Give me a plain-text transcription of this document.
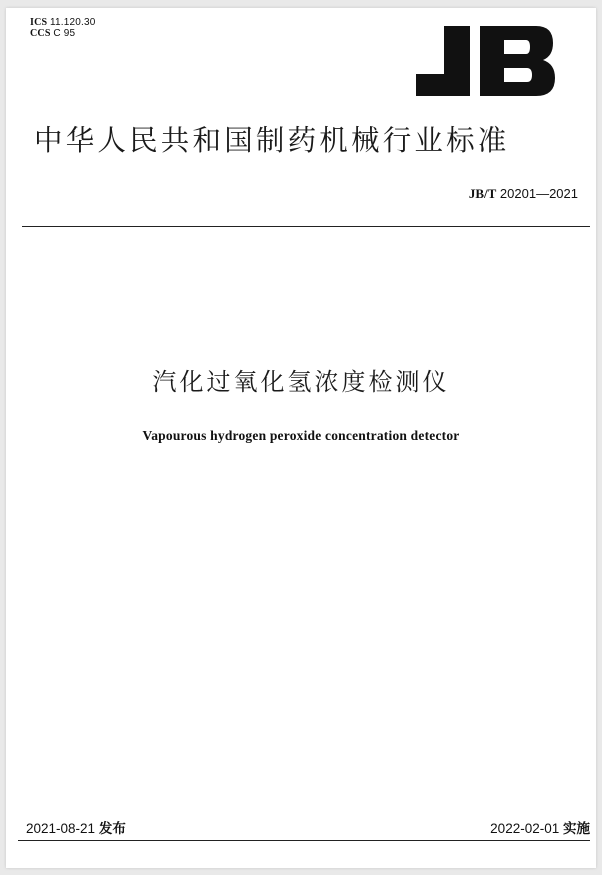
ICS 11.120.30
CCS C 95
中华人民共和国制药机械行业标准
JB/T 20201—2021
汽化过氧化氢浓度检测仪
Vapourous hydrogen peroxide concentration detector
2021-08-21 发布	2022-02-01 实施
